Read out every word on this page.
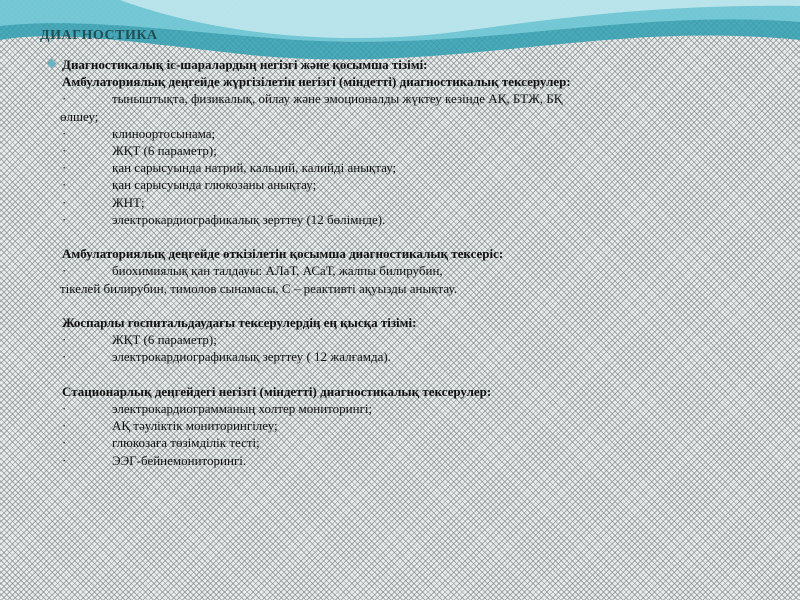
ДИАГНОСТИКА
Диагностикалық іс-шаралардың негізгі және қосымша тізімі:
Амбулаториялық деңгейде жүргізілетін негізгі (міндетті) диагностикалық тексерулер:
·	тыныштықта, физикалық, ойлау және эмоционалды жүктеу кезінде АҚ, БТЖ, БҚ
өлшеу;
·	клиноортосынама;
·	ЖҚТ (6 параметр);
·	қан сарысуында натрий, кальций, калийді анықтау;
·	қан сарысуында глюкозаны анықтау;
·	ЖНТ;
·	электрокардиографикалық зерттеу (12 бөлімнде).
Амбулаториялық деңгейде өткізілетін қосымша диагностикалық тексеріс:
·	биохимиялық қан талдауы: АЛаТ, АСаТ, жалпы билирубин,
тікелей билирубин, тимолов сынамасы, С – реактивті ақуызды анықтау.
Жоспарлы госпитальдаудағы тексерулердің ең қысқа тізімі:
·	ЖҚТ (6 параметр);
·	электрокардиографикалық зерттеу ( 12 жалғамда).
Стационарлық деңгейдегі негізгі (міндетті) диагностикалық тексерулер:
·	электрокардиограмманың холтер мониторингі;
·	АҚ тәуліктік мониторингілеу;
·	глюкозаға төзімділік тесті;
·	ЭЭГ-бейнемониторингі.
